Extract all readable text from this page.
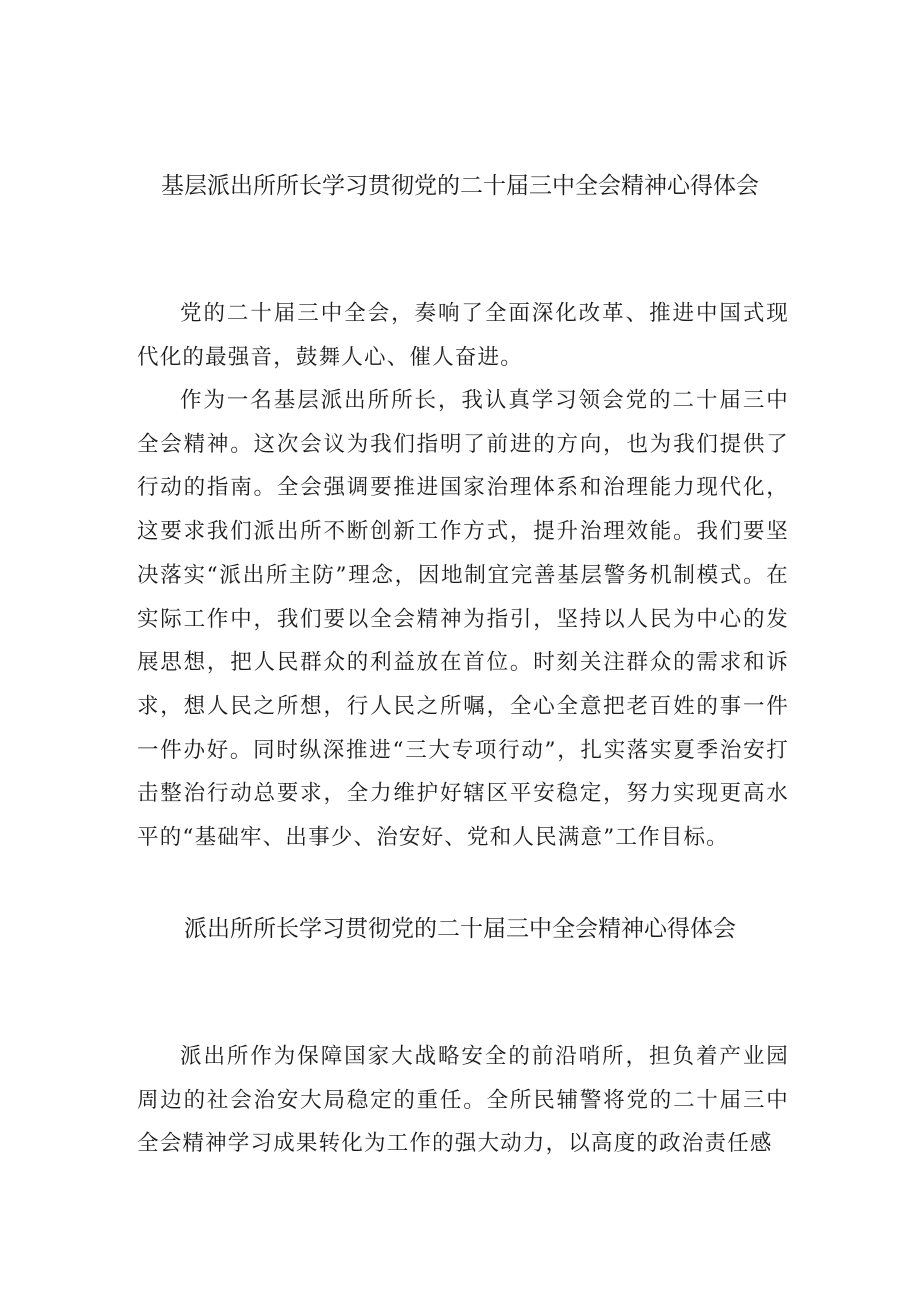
基层派出所所长学习贯彻党的二十届三中全会精神心得体会

党的二十届三中全会，奏响了全面深化改革、推进中国式现代化的最强音，鼓舞人心、催人奋进。

作为一名基层派出所所长，我认真学习领会党的二十届三中全会精神。这次会议为我们指明了前进的方向，也为我们提供了行动的指南。全会强调要推进国家治理体系和治理能力现代化，这要求我们派出所不断创新工作方式，提升治理效能。我们要坚决落实“派出所主防”理念，因地制宜完善基层警务机制模式。在实际工作中，我们要以全会精神为指引，坚持以人民为中心的发展思想，把人民群众的利益放在首位。时刻关注群众的需求和诉求，想人民之所想，行人民之所嘱，全心全意把老百姓的事一件一件办好。同时纵深推进“三大专项行动”，扎实落实夏季治安打击整治行动总要求，全力维护好辖区平安稳定，努力实现更高水平的“基础牢、出事少、治安好、党和人民满意”工作目标。

派出所所长学习贯彻党的二十届三中全会精神心得体会

派出所作为保障国家大战略安全的前沿哨所，担负着产业园周边的社会治安大局稳定的重任。全所民辅警将党的二十届三中全会精神学习成果转化为工作的强大动力，以高度的政治责任感
